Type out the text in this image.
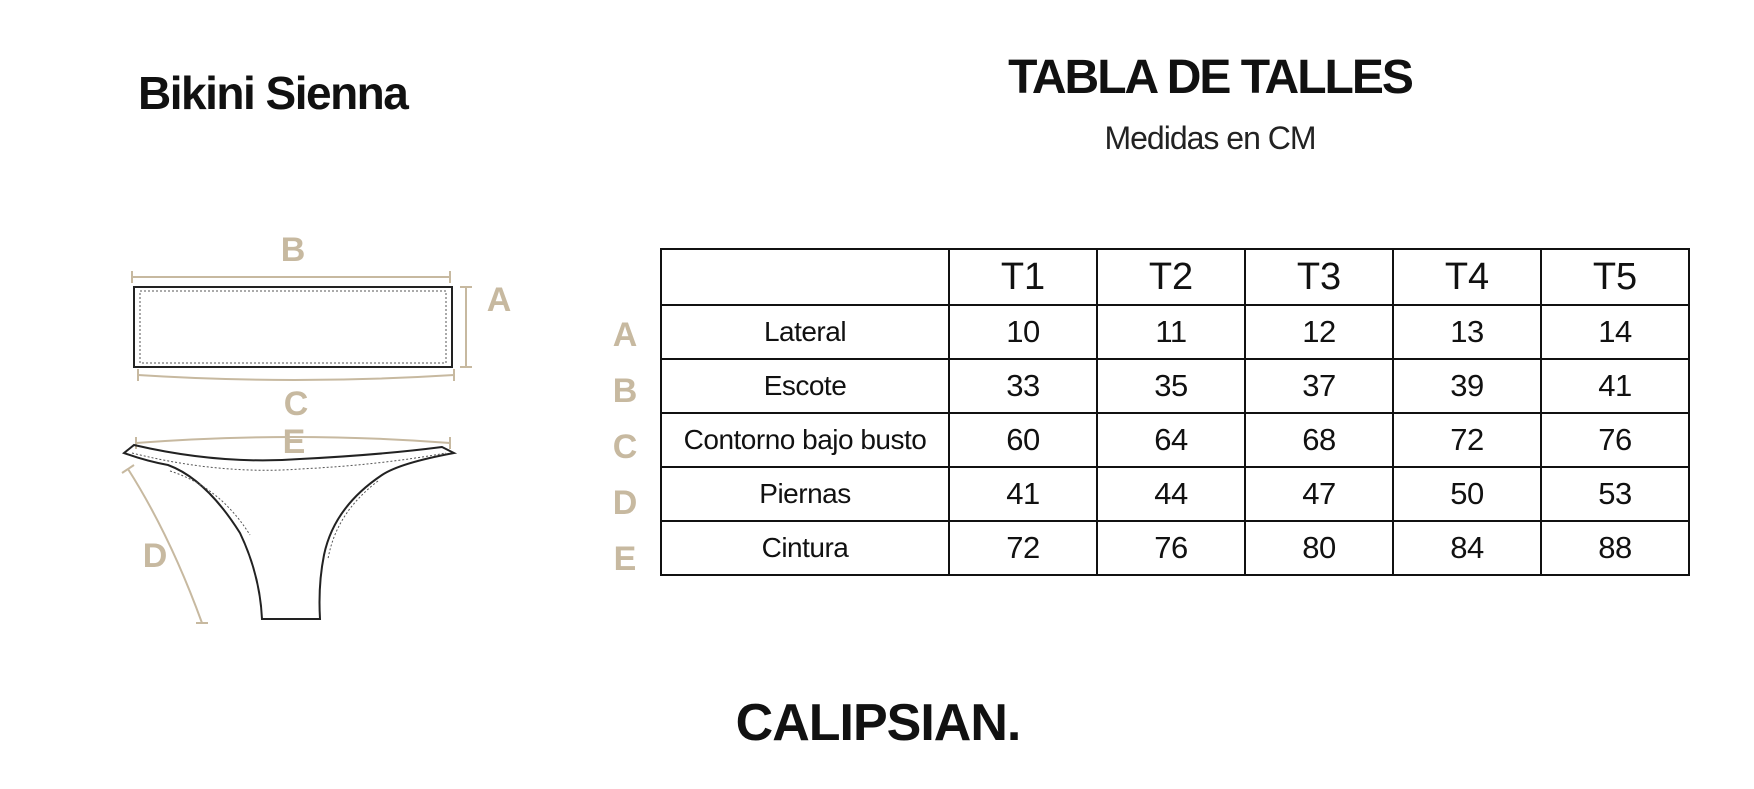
Bikini Sienna	TABLA DE TALLES
Medidas en CM
B
A
C
E
D
A
B
C
D
E
	T1	T2	T3	T4	T5
Lateral	10	11	12	13	14
Escote	33	35	37	39	41
Contorno bajo busto	60	64	68	72	76
Piernas	41	44	47	50	53
Cintura	72	76	80	84	88
CALIPSIAN.
